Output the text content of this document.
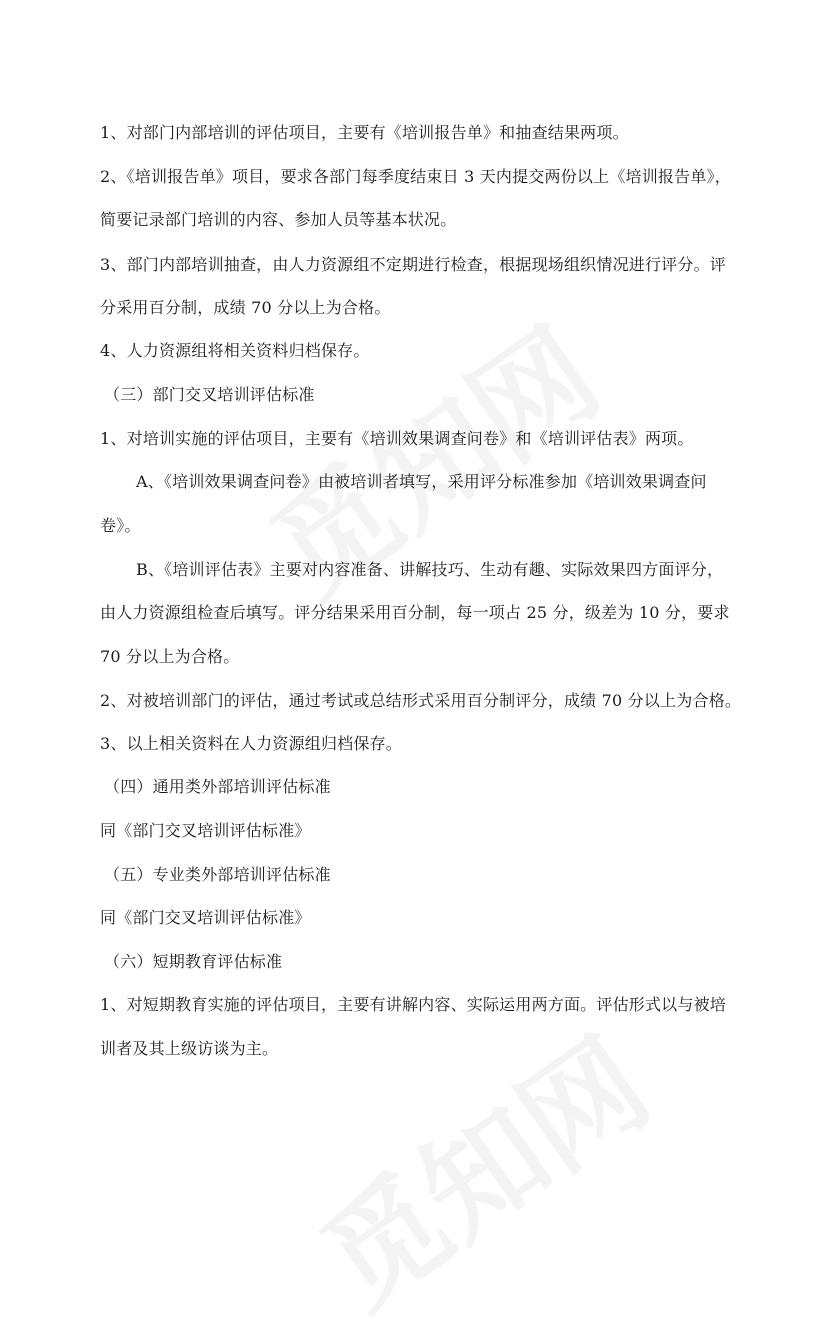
1、对部门内部培训的评估项目，主要有《培训报告单》和抽查结果两项。
2、《培训报告单》项目，要求各部门每季度结束日 3 天内提交两份以上《培训报告单》，
简要记录部门培训的内容、参加人员等基本状况。
3、部门内部培训抽查，由人力资源组不定期进行检查，根据现场组织情况进行评分。评
分采用百分制，成绩 70 分以上为合格。
4、人力资源组将相关资料归档保存。
（三）部门交叉培训评估标准
1、对培训实施的评估项目，主要有《培训效果调查问卷》和《培训评估表》两项。
A、《培训效果调查问卷》由被培训者填写，采用评分标准参加《培训效果调查问
卷》。
B、《培训评估表》主要对内容准备、讲解技巧、生动有趣、实际效果四方面评分，
由人力资源组检查后填写。评分结果采用百分制，每一项占 25 分，级差为 10 分，要求
70 分以上为合格。
2、对被培训部门的评估，通过考试或总结形式采用百分制评分，成绩 70 分以上为合格。
3、以上相关资料在人力资源组归档保存。
（四）通用类外部培训评估标准
同《部门交叉培训评估标准》
（五）专业类外部培训评估标准
同《部门交叉培训评估标准》
（六）短期教育评估标准
1、对短期教育实施的评估项目，主要有讲解内容、实际运用两方面。评估形式以与被培
训者及其上级访谈为主。
